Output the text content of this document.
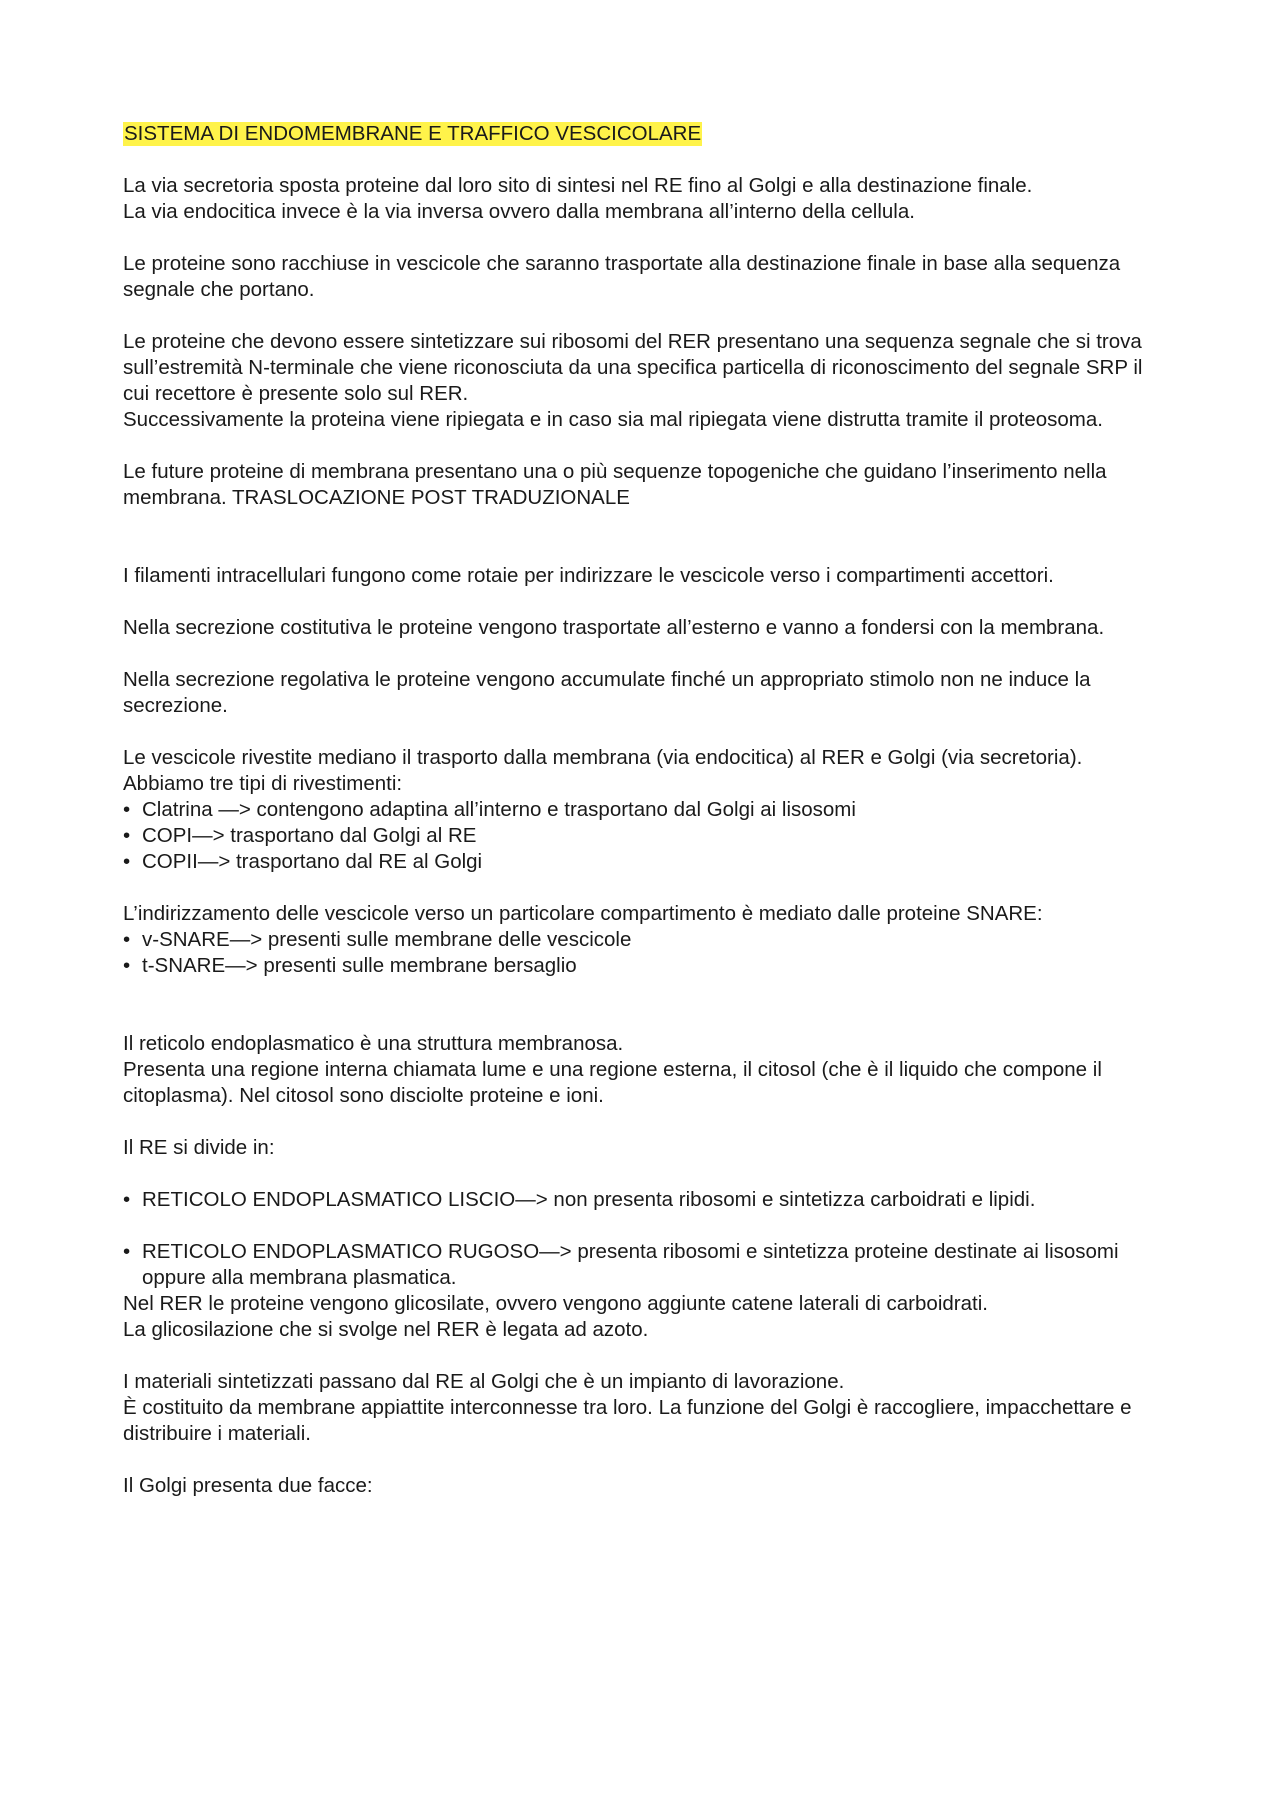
SISTEMA DI ENDOMEMBRANE E TRAFFICO VESCICOLARE

La via secretoria sposta proteine dal loro sito di sintesi nel RE fino al Golgi e alla destinazione finale.

La via endocitica invece è la via inversa ovvero dalla membrana all’interno della cellula.

Le proteine sono racchiuse in vescicole che saranno trasportate alla destinazione finale in base alla sequenza segnale che portano.

Le proteine che devono essere sintetizzare sui ribosomi del RER presentano una sequenza segnale che si trova sull’estremità N-terminale che viene riconosciuta da una specifica particella di riconoscimento del segnale SRP il cui recettore è presente solo sul RER.

Successivamente la proteina viene ripiegata e in caso sia mal ripiegata viene distrutta tramite il proteosoma.

Le future proteine di membrana presentano una o più sequenze topogeniche che guidano l’inserimento nella membrana. TRASLOCAZIONE POST TRADUZIONALE

I filamenti intracellulari fungono come rotaie per indirizzare le vescicole verso i compartimenti accettori.

Nella secrezione costitutiva le proteine vengono trasportate all’esterno e vanno a fondersi con la membrana.

Nella secrezione regolativa le proteine vengono accumulate finché un appropriato stimolo non ne induce la secrezione.

Le vescicole rivestite mediano il trasporto dalla membrana (via endocitica) al RER e Golgi (via secretoria).

Abbiamo tre tipi di rivestimenti:

• Clatrina —> contengono adaptina all’interno e trasportano dal Golgi ai lisosomi
• COPI—> trasportano dal Golgi al RE
• COPII—> trasportano dal RE al Golgi

L’indirizzamento delle vescicole verso un particolare compartimento è mediato dalle proteine SNARE:

• v-SNARE—> presenti sulle membrane delle vescicole
• t-SNARE—> presenti sulle membrane bersaglio

Il reticolo endoplasmatico è una struttura membranosa.

Presenta una regione interna chiamata lume e una regione esterna, il citosol (che è il liquido che compone il citoplasma). Nel citosol sono disciolte proteine e ioni.

Il RE si divide in:

• RETICOLO ENDOPLASMATICO LISCIO—> non presenta ribosomi e sintetizza carboidrati e lipidi.
• RETICOLO ENDOPLASMATICO RUGOSO—> presenta ribosomi e sintetizza proteine destinate ai lisosomi oppure alla membrana plasmatica.

Nel RER le proteine vengono glicosilate, ovvero vengono aggiunte catene laterali di carboidrati.

La glicosilazione che si svolge nel RER è legata ad azoto.

I materiali sintetizzati passano dal RE al Golgi che è un impianto di lavorazione.

È costituito da membrane appiattite interconnesse tra loro. La funzione del Golgi è raccogliere, impacchettare e distribuire i materiali.

Il Golgi presenta due facce:
